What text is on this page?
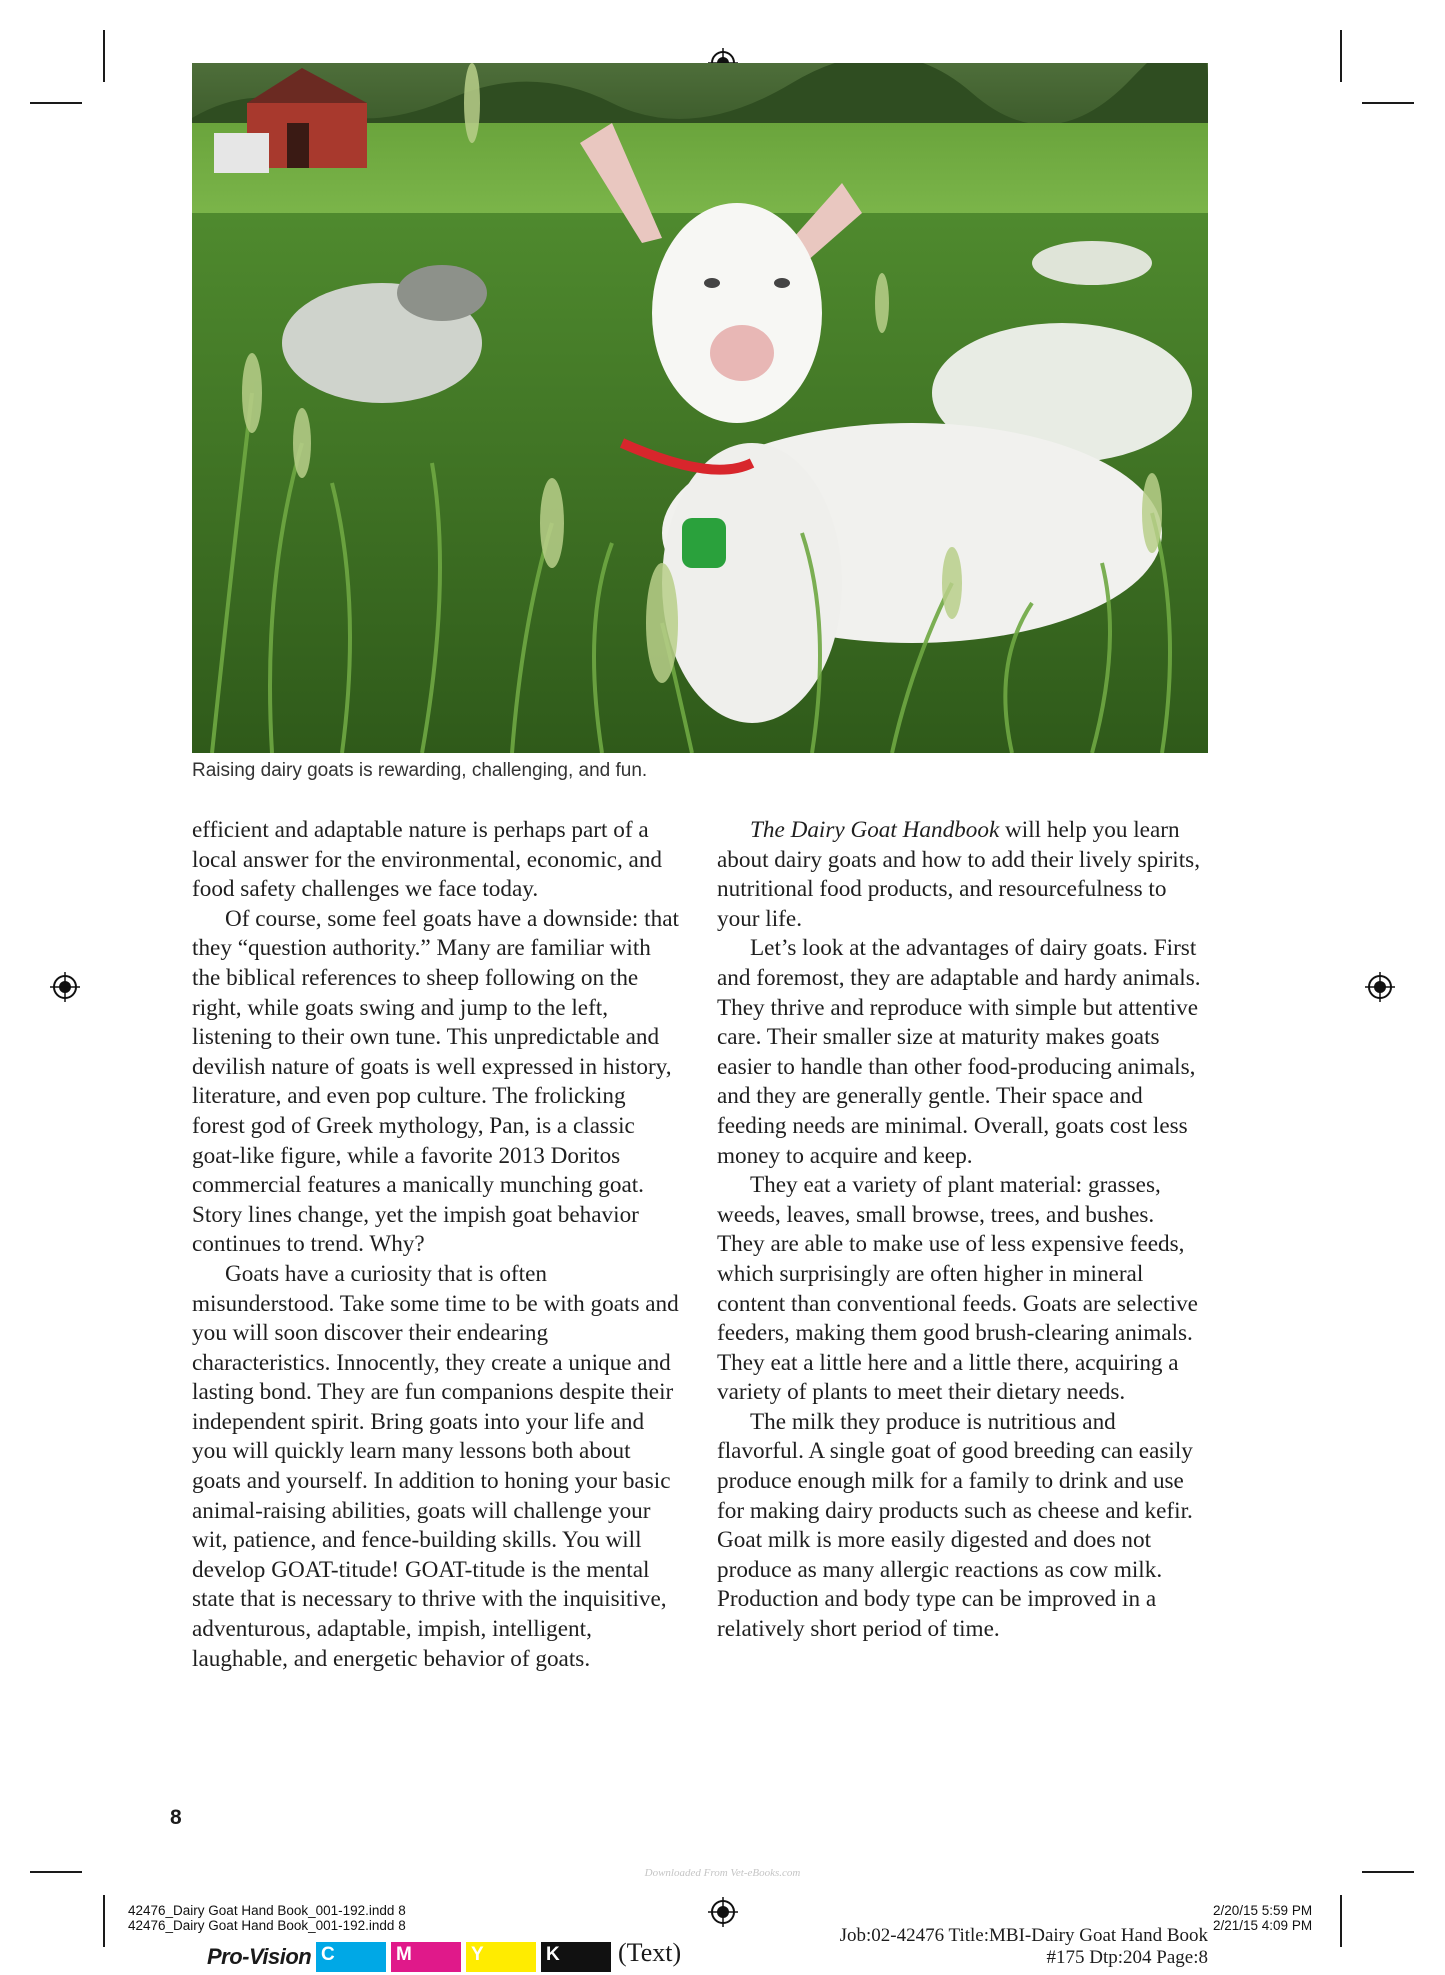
Raising dairy goats is rewarding, challenging, and fun.

efficient and adaptable nature is perhaps part of a local answer for the environmental, economic, and food safety challenges we face today.

Of course, some feel goats have a downside: that they “question authority.” Many are familiar with the biblical references to sheep following on the right, while goats swing and jump to the left, listening to their own tune. This unpredictable and devilish nature of goats is well expressed in history, literature, and even pop culture. The frolicking forest god of Greek mythology, Pan, is a classic goat-like figure, while a favorite 2013 Doritos commercial features a manically munching goat. Story lines change, yet the impish goat behavior continues to trend. Why?

Goats have a curiosity that is often misunderstood. Take some time to be with goats and you will soon discover their endearing characteristics. Innocently, they create a unique and lasting bond. They are fun companions despite their independent spirit. Bring goats into your life and you will quickly learn many lessons both about goats and yourself. In addition to honing your basic animal-raising abilities, goats will challenge your wit, patience, and fence-building skills. You will develop GOAT-titude! GOAT-titude is the mental state that is necessary to thrive with the inquisitive, adventurous, adaptable, impish, intelligent, laughable, and energetic behavior of goats.

The Dairy Goat Handbook will help you learn about dairy goats and how to add their lively spirits, nutritional food products, and resourcefulness to your life.

Let’s look at the advantages of dairy goats. First and foremost, they are adaptable and hardy animals. They thrive and reproduce with simple but attentive care. Their smaller size at maturity makes goats easier to handle than other food-producing animals, and they are generally gentle. Their space and feeding needs are minimal. Overall, goats cost less money to acquire and keep.

They eat a variety of plant material: grasses, weeds, leaves, small browse, trees, and bushes. They are able to make use of less expensive feeds, which surprisingly are often higher in mineral content than conventional feeds. Goats are selective feeders, making them good brush-clearing animals. They eat a little here and a little there, acquiring a variety of plants to meet their dietary needs.

The milk they produce is nutritious and flavorful. A single goat of good breeding can easily produce enough milk for a family to drink and use for making dairy products such as cheese and kefir. Goat milk is more easily digested and does not produce as many allergic reactions as cow milk. Production and body type can be improved in a relatively short period of time.

8
Downloaded From Vet-eBooks.com
42476_Dairy Goat Hand Book_001-192.indd 8
42476_Dairy Goat Hand Book_001-192.indd 8
2/20/15 5:59 PM
2/21/15 4:09 PM
Job:02-42476 Title:MBI-Dairy Goat Hand Book
#175 Dtp:204 Page:8
Pro-Vision C	M	Y	K	(Text)
